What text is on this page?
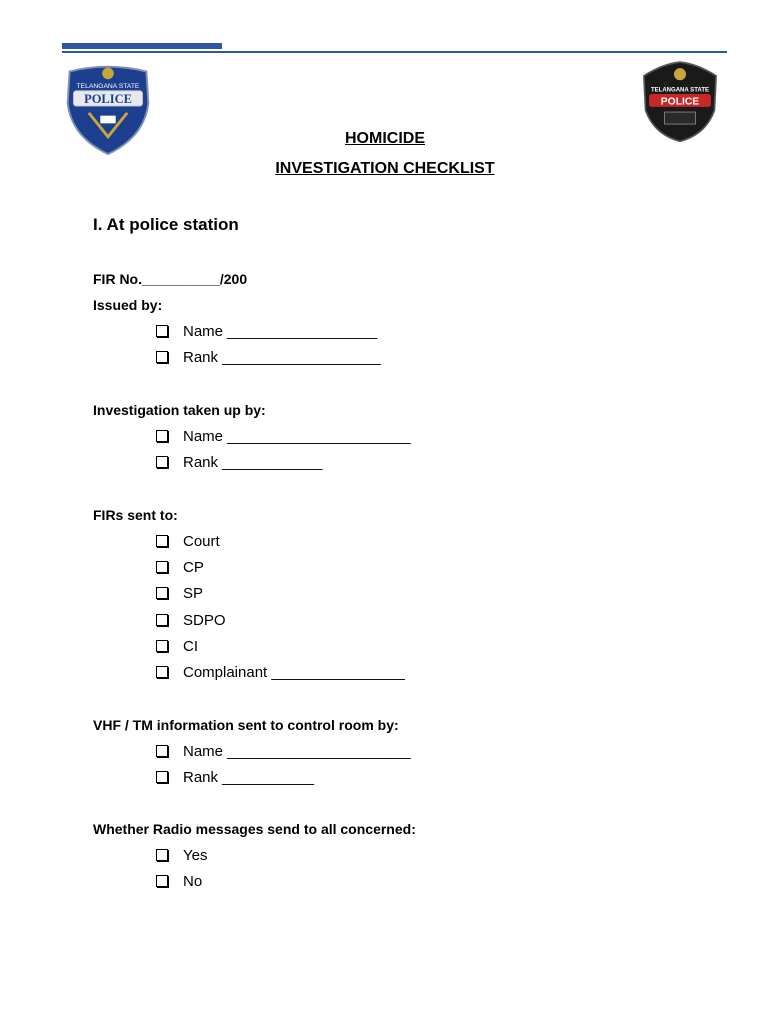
TELANGANA STATE
POLICE
TELANGANA STATE
POLICE
HOMICIDE
INVESTIGATION CHECKLIST
I. At police station
FIR No.__________/200
Issued by:
Name __________________
Rank ___________________
Investigation taken up by:
Name ______________________
Rank ____________
FIRs sent to:
Court
CP
SP
SDPO
CI
Complainant ________________
VHF / TM information sent to control room by:
Name ______________________
Rank ___________
Whether Radio messages send to all concerned:
Yes
No
